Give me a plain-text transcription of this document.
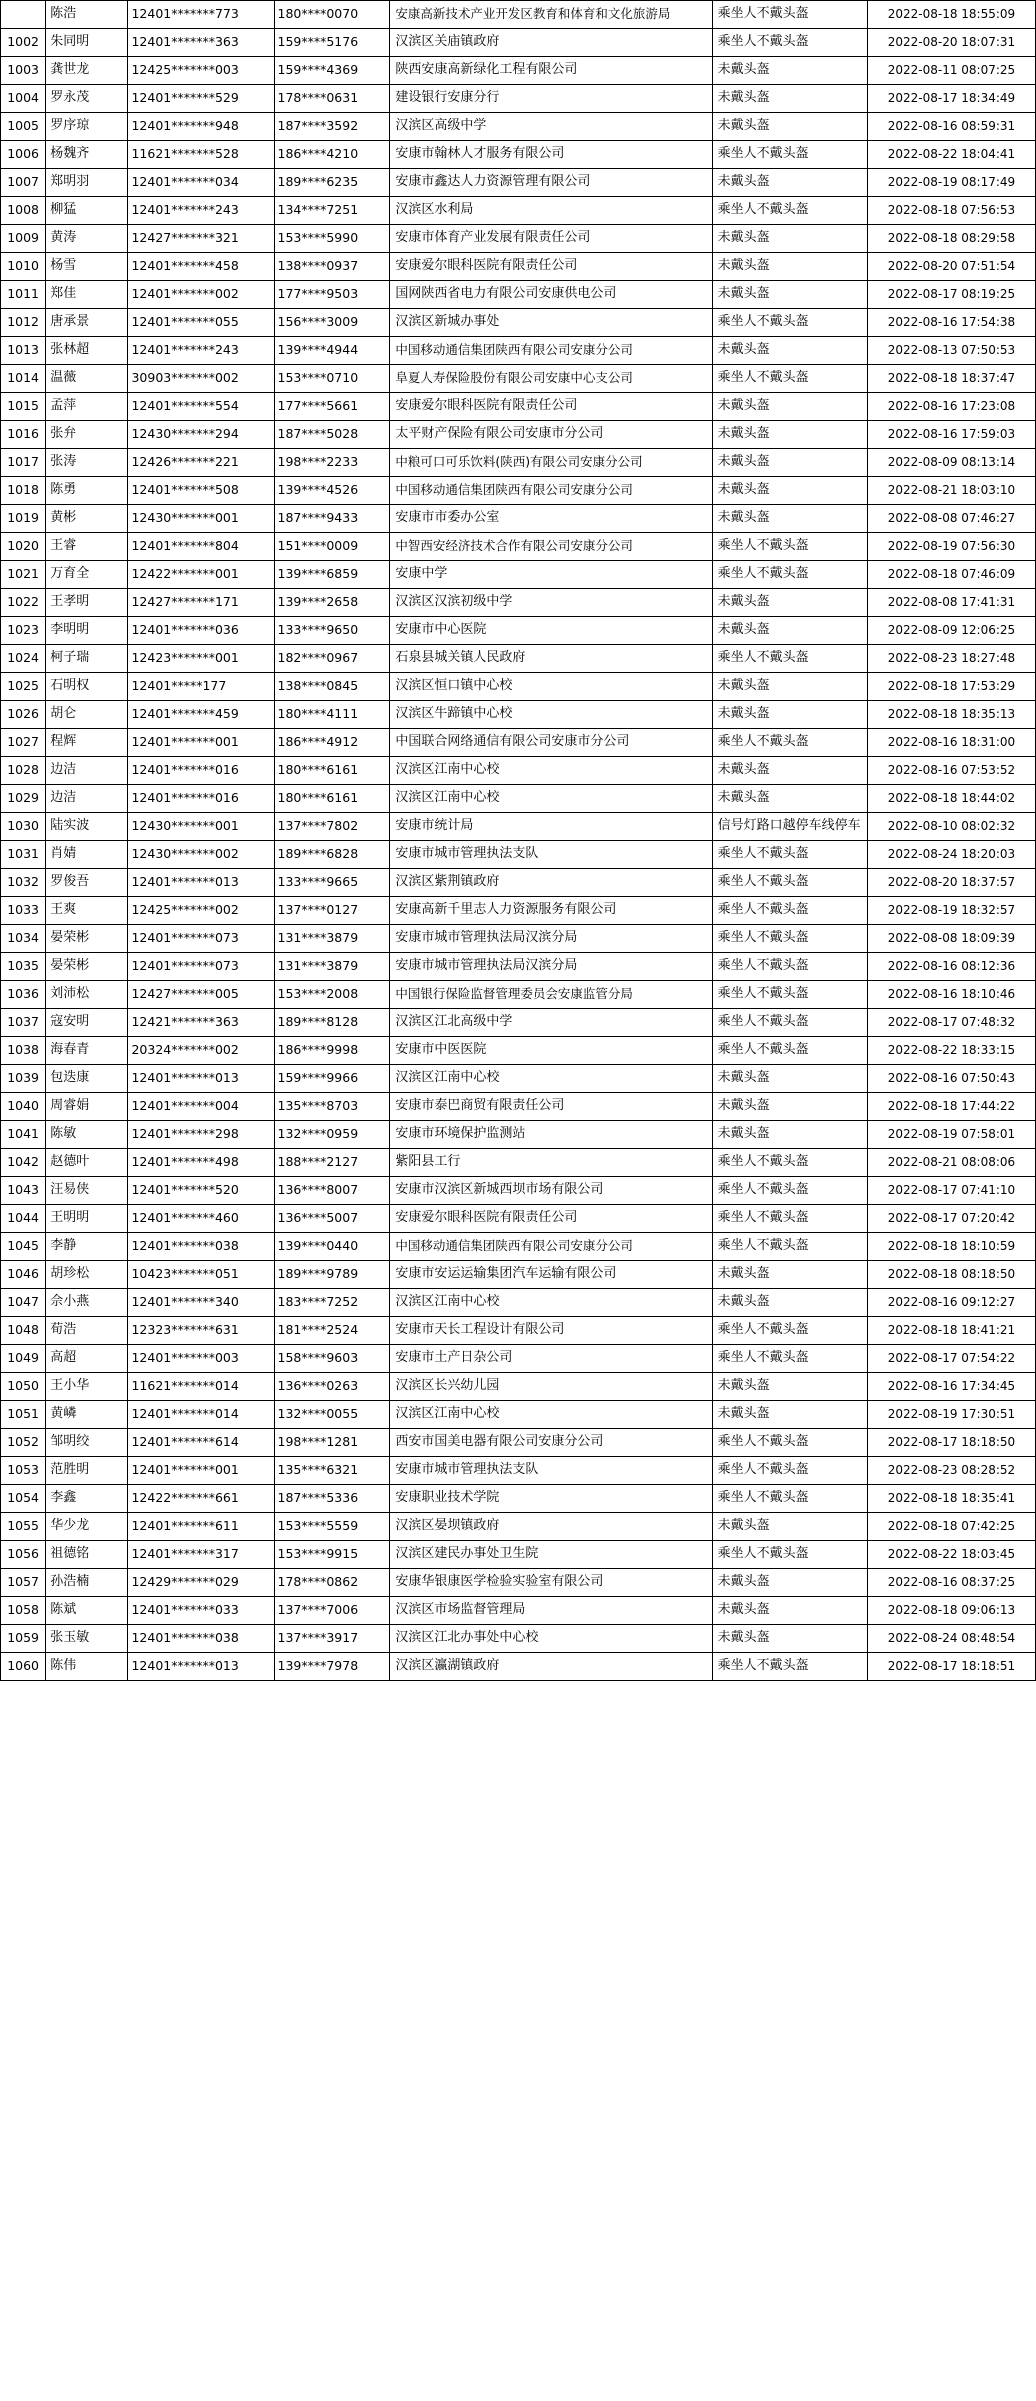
	陈浩	12401*******773	180****0070	安康高新技术产业开发区教育和体育和文化旅游局	乘坐人不戴头盔	2022-08-18 18:55:09
1002	朱同明	12401*******363	159****5176	汉滨区关庙镇政府	乘坐人不戴头盔	2022-08-20 18:07:31
1003	龚世龙	12425*******003	159****4369	陕西安康高新绿化工程有限公司	未戴头盔	2022-08-11 08:07:25
1004	罗永茂	12401*******529	178****0631	建设银行安康分行	未戴头盔	2022-08-17 18:34:49
1005	罗序琼	12401*******948	187****3592	汉滨区高级中学	未戴头盔	2022-08-16 08:59:31
1006	杨魏齐	11621*******528	186****4210	安康市翰林人才服务有限公司	乘坐人不戴头盔	2022-08-22 18:04:41
1007	郑明羽	12401*******034	189****6235	安康市鑫达人力资源管理有限公司	未戴头盔	2022-08-19 08:17:49
1008	柳猛	12401*******243	134****7251	汉滨区水利局	乘坐人不戴头盔	2022-08-18 07:56:53
1009	黄涛	12427*******321	153****5990	安康市体育产业发展有限责任公司	未戴头盔	2022-08-18 08:29:58
1010	杨雪	12401*******458	138****0937	安康爱尔眼科医院有限责任公司	未戴头盔	2022-08-20 07:51:54
1011	郑佳	12401*******002	177****9503	国网陕西省电力有限公司安康供电公司	未戴头盔	2022-08-17 08:19:25
1012	唐承景	12401*******055	156****3009	汉滨区新城办事处	乘坐人不戴头盔	2022-08-16 17:54:38
1013	张林超	12401*******243	139****4944	中国移动通信集团陕西有限公司安康分公司	未戴头盔	2022-08-13 07:50:53
1014	温薇	30903*******002	153****0710	阜夏人寿保险股份有限公司安康中心支公司	乘坐人不戴头盔	2022-08-18 18:37:47
1015	孟萍	12401*******554	177****5661	安康爱尔眼科医院有限责任公司	未戴头盔	2022-08-16 17:23:08
1016	张弁	12430*******294	187****5028	太平财产保险有限公司安康市分公司	未戴头盔	2022-08-16 17:59:03
1017	张涛	12426*******221	198****2233	中粮可口可乐饮料(陕西)有限公司安康分公司	未戴头盔	2022-08-09 08:13:14
1018	陈勇	12401*******508	139****4526	中国移动通信集团陕西有限公司安康分公司	未戴头盔	2022-08-21 18:03:10
1019	黄彬	12430*******001	187****9433	安康市市委办公室	未戴头盔	2022-08-08 07:46:27
1020	王睿	12401*******804	151****0009	中智西安经济技术合作有限公司安康分公司	乘坐人不戴头盔	2022-08-19 07:56:30
1021	万育全	12422*******001	139****6859	安康中学	乘坐人不戴头盔	2022-08-18 07:46:09
1022	王孝明	12427*******171	139****2658	汉滨区汉滨初级中学	未戴头盔	2022-08-08 17:41:31
1023	李明明	12401*******036	133****9650	安康市中心医院	未戴头盔	2022-08-09 12:06:25
1024	柯子瑞	12423*******001	182****0967	石泉县城关镇人民政府	乘坐人不戴头盔	2022-08-23 18:27:48
1025	石明权	12401*****177	138****0845	汉滨区恒口镇中心校	未戴头盔	2022-08-18 17:53:29
1026	胡仑	12401*******459	180****4111	汉滨区牛蹄镇中心校	未戴头盔	2022-08-18 18:35:13
1027	程辉	12401*******001	186****4912	中国联合网络通信有限公司安康市分公司	乘坐人不戴头盔	2022-08-16 18:31:00
1028	边洁	12401*******016	180****6161	汉滨区江南中心校	未戴头盔	2022-08-16 07:53:52
1029	边洁	12401*******016	180****6161	汉滨区江南中心校	未戴头盔	2022-08-18 18:44:02
1030	陆实波	12430*******001	137****7802	安康市统计局	信号灯路口越停车线停车	2022-08-10 08:02:32
1031	肖婧	12430*******002	189****6828	安康市城市管理执法支队	乘坐人不戴头盔	2022-08-24 18:20:03
1032	罗俊吾	12401*******013	133****9665	汉滨区紫荆镇政府	乘坐人不戴头盔	2022-08-20 18:37:57
1033	王爽	12425*******002	137****0127	安康高新千里志人力资源服务有限公司	乘坐人不戴头盔	2022-08-19 18:32:57
1034	晏荣彬	12401*******073	131****3879	安康市城市管理执法局汉滨分局	乘坐人不戴头盔	2022-08-08 18:09:39
1035	晏荣彬	12401*******073	131****3879	安康市城市管理执法局汉滨分局	乘坐人不戴头盔	2022-08-16 08:12:36
1036	刘沛松	12427*******005	153****2008	中国银行保险监督管理委员会安康监管分局	乘坐人不戴头盔	2022-08-16 18:10:46
1037	寇安明	12421*******363	189****8128	汉滨区江北高级中学	乘坐人不戴头盔	2022-08-17 07:48:32
1038	海春青	20324*******002	186****9998	安康市中医医院	乘坐人不戴头盔	2022-08-22 18:33:15
1039	包迭康	12401*******013	159****9966	汉滨区江南中心校	未戴头盔	2022-08-16 07:50:43
1040	周睿娟	12401*******004	135****8703	安康市泰巴商贸有限责任公司	未戴头盔	2022-08-18 17:44:22
1041	陈敏	12401*******298	132****0959	安康市环境保护监测站	未戴头盔	2022-08-19 07:58:01
1042	赵德叶	12401*******498	188****2127	紫阳县工行	乘坐人不戴头盔	2022-08-21 08:08:06
1043	汪易侠	12401*******520	136****8007	安康市汉滨区新城西坝市场有限公司	乘坐人不戴头盔	2022-08-17 07:41:10
1044	王明明	12401*******460	136****5007	安康爱尔眼科医院有限责任公司	乘坐人不戴头盔	2022-08-17 07:20:42
1045	李静	12401*******038	139****0440	中国移动通信集团陕西有限公司安康分公司	乘坐人不戴头盔	2022-08-18 18:10:59
1046	胡珍松	10423*******051	189****9789	安康市安运运输集团汽车运输有限公司	未戴头盔	2022-08-18 08:18:50
1047	佘小燕	12401*******340	183****7252	汉滨区江南中心校	未戴头盔	2022-08-16 09:12:27
1048	荀浩	12323*******631	181****2524	安康市天长工程设计有限公司	乘坐人不戴头盔	2022-08-18 18:41:21
1049	高超	12401*******003	158****9603	安康市土产日杂公司	乘坐人不戴头盔	2022-08-17 07:54:22
1050	王小华	11621*******014	136****0263	汉滨区长兴幼儿园	未戴头盔	2022-08-16 17:34:45
1051	黄嶙	12401*******014	132****0055	汉滨区江南中心校	未戴头盔	2022-08-19 17:30:51
1052	邹明绞	12401*******614	198****1281	西安市国美电器有限公司安康分公司	乘坐人不戴头盔	2022-08-17 18:18:50
1053	范胜明	12401*******001	135****6321	安康市城市管理执法支队	乘坐人不戴头盔	2022-08-23 08:28:52
1054	李鑫	12422*******661	187****5336	安康职业技术学院	乘坐人不戴头盔	2022-08-18 18:35:41
1055	华少龙	12401*******611	153****5559	汉滨区晏坝镇政府	未戴头盔	2022-08-18 07:42:25
1056	祖德铭	12401*******317	153****9915	汉滨区建民办事处卫生院	乘坐人不戴头盔	2022-08-22 18:03:45
1057	孙浩楠	12429*******029	178****0862	安康华银康医学检验实验室有限公司	未戴头盔	2022-08-16 08:37:25
1058	陈斌	12401*******033	137****7006	汉滨区市场监督管理局	未戴头盔	2022-08-18 09:06:13
1059	张玉敏	12401*******038	137****3917	汉滨区江北办事处中心校	未戴头盔	2022-08-24 08:48:54
1060	陈伟	12401*******013	139****7978	汉滨区瀛湖镇政府	乘坐人不戴头盔	2022-08-17 18:18:51
